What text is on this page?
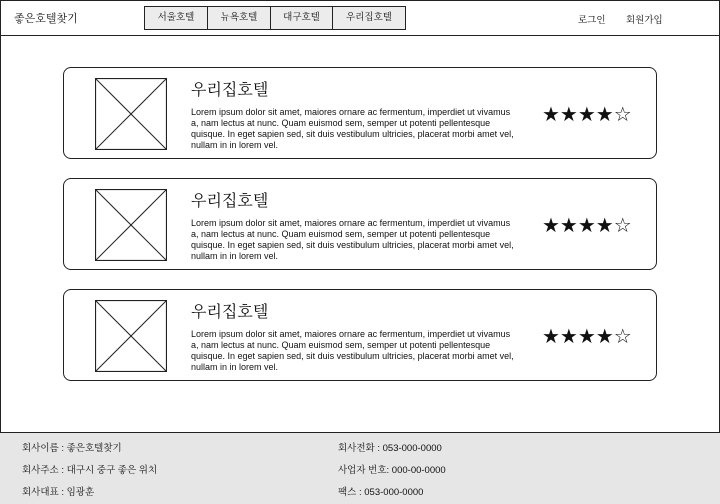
좋은호텔찾기	서울호텔	뉴욕호텔	대구호텔	우리집호텔	로그인 회원가입
우리집호텔
Lorem ipsum dolor sit amet, maiores ornare ac fermentum, imperdiet ut vivamus a, nam lectus at nunc. Quam euismod sem, semper ut potenti pellentesque quisque. In eget sapien sed, sit duis vestibulum ultricies, placerat morbi amet vel, nullam in in lorem vel.
★★★★☆
우리집호텔
Lorem ipsum dolor sit amet, maiores ornare ac fermentum, imperdiet ut vivamus a, nam lectus at nunc. Quam euismod sem, semper ut potenti pellentesque quisque. In eget sapien sed, sit duis vestibulum ultricies, placerat morbi amet vel, nullam in in lorem vel.
★★★★☆
우리집호텔
Lorem ipsum dolor sit amet, maiores ornare ac fermentum, imperdiet ut vivamus a, nam lectus at nunc. Quam euismod sem, semper ut potenti pellentesque quisque. In eget sapien sed, sit duis vestibulum ultricies, placerat morbi amet vel, nullam in in lorem vel.
★★★★☆
회사이름 : 좋은호텔찾기
회사주소 : 대구시 중구 좋은 위치
회사대표 : 임광훈
회사전화 : 053-000-0000
사업자 번호: 000-00-0000
팩스 : 053-000-0000
